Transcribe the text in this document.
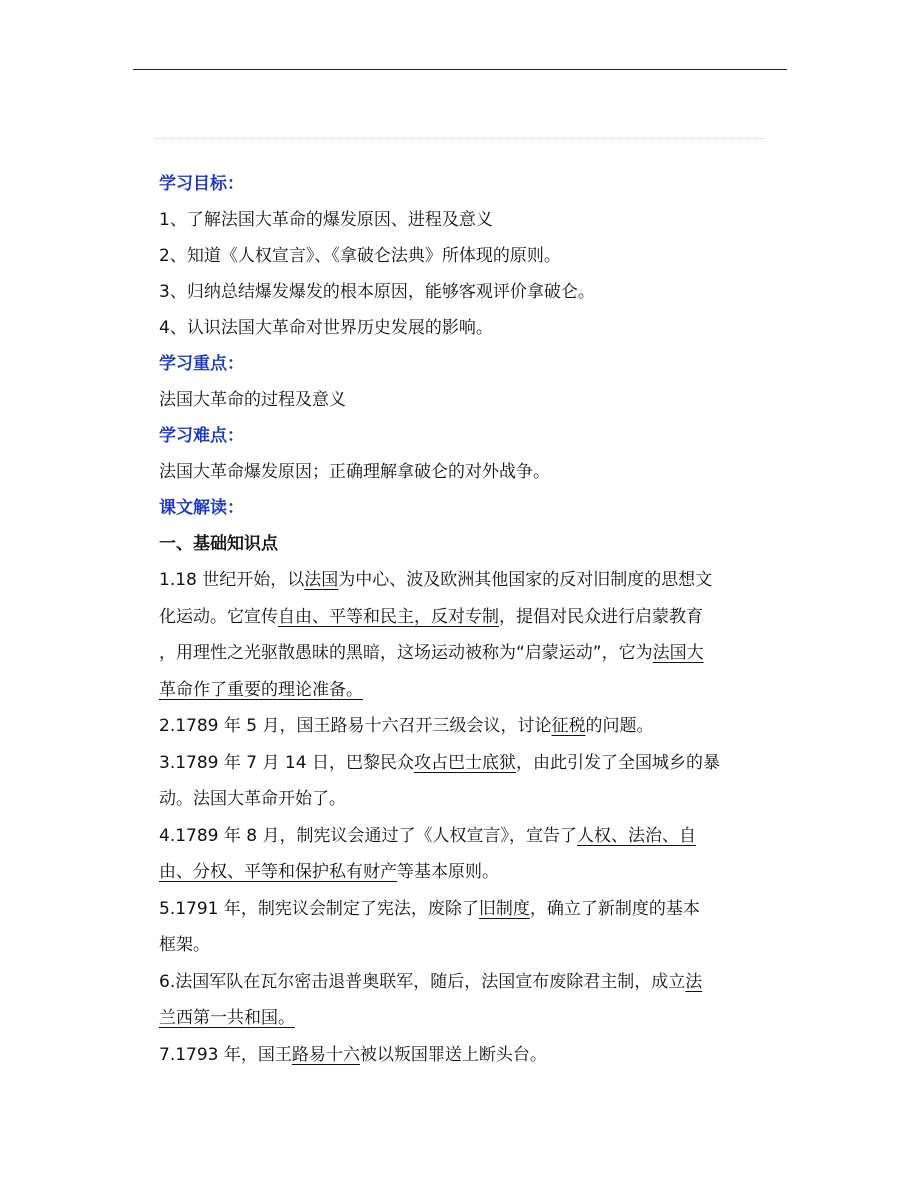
学习目标：
1、了解法国大革命的爆发原因、进程及意义
2、知道《人权宣言》、《拿破仑法典》所体现的原则。
3、归纳总结爆发爆发的根本原因，能够客观评价拿破仑。
4、认识法国大革命对世界历史发展的影响。
学习重点：
法国大革命的过程及意义
学习难点：
法国大革命爆发原因；正确理解拿破仑的对外战争。
课文解读：
一、基础知识点
1.18 世纪开始，以法国为中心、波及欧洲其他国家的反对旧制度的思想文
化运动。它宣传自由、平等和民主，反对专制，提倡对民众进行启蒙教育
，用理性之光驱散愚昧的黑暗，这场运动被称为“启蒙运动”，它为法国大
革命作了重要的理论准备。
2.1789 年 5 月，国王路易十六召开三级会议，讨论征税的问题。
3.1789 年 7 月 14 日，巴黎民众攻占巴士底狱，由此引发了全国城乡的暴
动。法国大革命开始了。
4.1789 年 8 月，制宪议会通过了《人权宣言》，宣告了人权、法治、自
由、分权、平等和保护私有财产等基本原则。
5.1791 年，制宪议会制定了宪法，废除了旧制度，确立了新制度的基本
框架。
6.法国军队在瓦尔密击退普奥联军，随后，法国宣布废除君主制，成立法
兰西第一共和国。
7.1793 年，国王路易十六被以叛国罪送上断头台。
